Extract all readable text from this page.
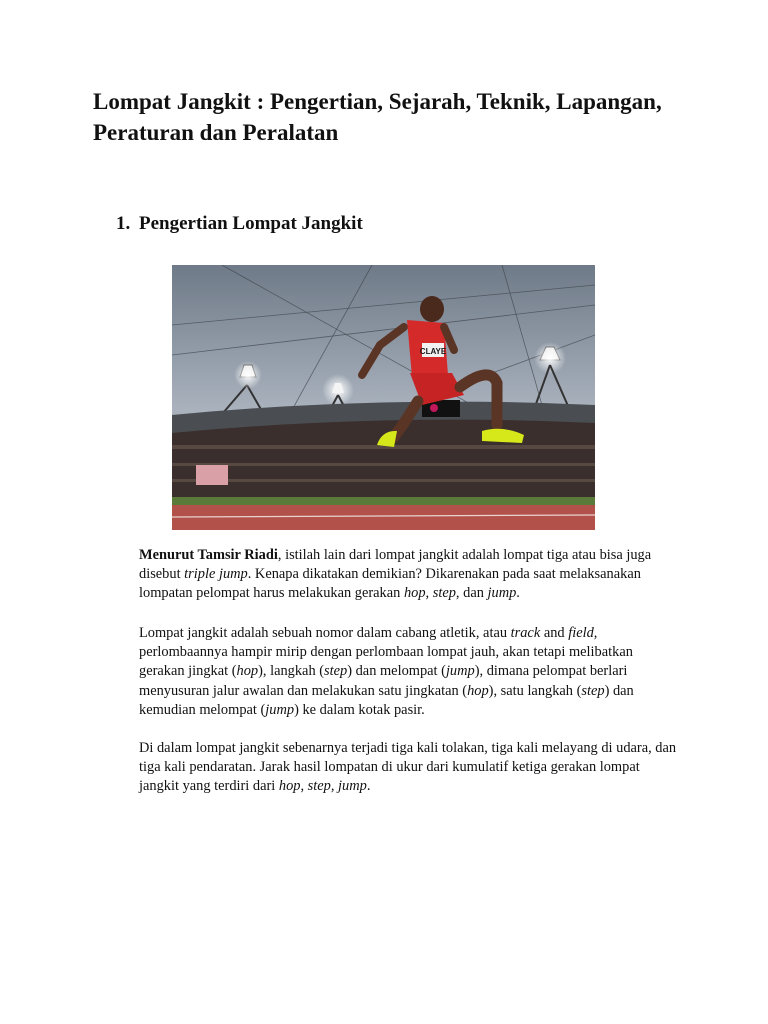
Lompat Jangkit : Pengertian, Sejarah, Teknik, Lapangan, Peraturan dan Peralatan
1. Pengertian Lompat Jangkit
CLAYE

Menurut Tamsir Riadi, istilah lain dari lompat jangkit adalah lompat tiga atau bisa juga disebut triple jump. Kenapa dikatakan demikian? Dikarenakan pada saat melaksanakan lompatan pelompat harus melakukan gerakan hop, step, dan jump.

Lompat jangkit adalah sebuah nomor dalam cabang atletik, atau track and field, perlombaannya hampir mirip dengan perlombaan lompat jauh, akan tetapi melibatkan gerakan jingkat (hop), langkah (step) dan melompat (jump), dimana pelompat berlari menyusuran jalur awalan dan melakukan satu jingkatan (hop), satu langkah (step) dan kemudian melompat (jump) ke dalam kotak pasir.

Di dalam lompat jangkit sebenarnya terjadi tiga kali tolakan, tiga kali melayang di udara, dan tiga kali pendaratan. Jarak hasil lompatan di ukur dari kumulatif ketiga gerakan lompat jangkit yang terdiri dari hop, step, jump.
